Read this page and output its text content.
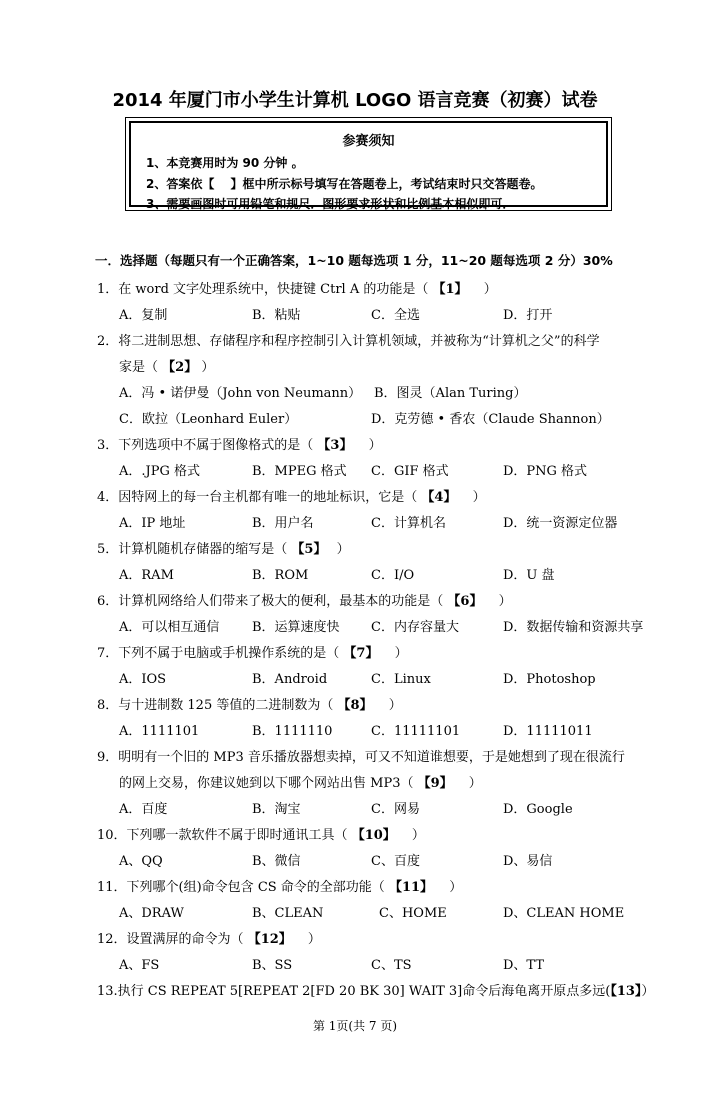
2014 年厦门市小学生计算机 LOGO 语言竞赛（初赛）试卷
参赛须知
1、本竞赛用时为 90 分钟 。
2、答案依【　 】框中所示标号填写在答题卷上，考试结束时只交答题卷。
3、需要画图时可用铅笔和规尺．图形要求形状和比例基本相似即可．
一．选择题（每题只有一个正确答案，1~10 题每选项 1 分，11~20 题每选项 2 分）30%
1．在 word 文字处理系统中，快捷键 Ctrl A 的功能是（ 【1】 ）
A．复制	B．粘贴	C．全选	D．打开
2．将二进制思想、存储程序和程序控制引入计算机领域，并被称为“计算机之父”的科学
家是（ 【2】 ）
A．冯 • 诺伊曼（John von Neumann） B．图灵（Alan Turing）
C．欧拉（Leonhard Euler）	D．克劳德 • 香农（Claude Shannon）
3．下列选项中不属于图像格式的是（ 【3】 ）
A．.JPG 格式	B．MPEG 格式 C．GIF 格式	D．PNG 格式
4．因特网上的每一台主机都有唯一的地址标识，它是（ 【4】 ）
A．IP 地址	B．用户名	C．计算机名	D．统一资源定位器
5．计算机随机存储器的缩写是（ 【5】 ）
A．RAM	B．ROM	C．I/O	D．U 盘
6．计算机网络给人们带来了极大的便利，最基本的功能是（ 【6】 ）
A．可以相互通信	B．运算速度快 C．内存容量大	D．数据传输和资源共享
7．下列不属于电脑或手机操作系统的是（ 【7】 ）
A．IOS	B．Android	C．Linux	D．Photoshop
8．与十进制数 125 等值的二进制数为（ 【8】 ）
A．1111101	B．1111110	C．11111101	D．11111011
9．明明有一个旧的 MP3 音乐播放器想卖掉，可又不知道谁想要，于是她想到了现在很流行
的网上交易，你建议她到以下哪个网站出售 MP3（ 【9】 ）
A．百度	B．淘宝	C．网易	D．Google
10．下列哪一款软件不属于即时通讯工具（ 【10】 ）
A、QQ	B、微信	C、百度	D、易信
11．下列哪个(组)命令包含 CS 命令的全部功能（ 【11】 ）
A、DRAW	B、CLEAN	C、HOME	D、CLEAN HOME
12．设置满屏的命令为（ 【12】 ）
A、FS	B、SS	C、TS	D、TT
13.执行 CS REPEAT 5[REPEAT 2[FD 20 BK 30] WAIT 3]命令后海龟离开原点多远(【13】）
第 1页(共 7 页)
